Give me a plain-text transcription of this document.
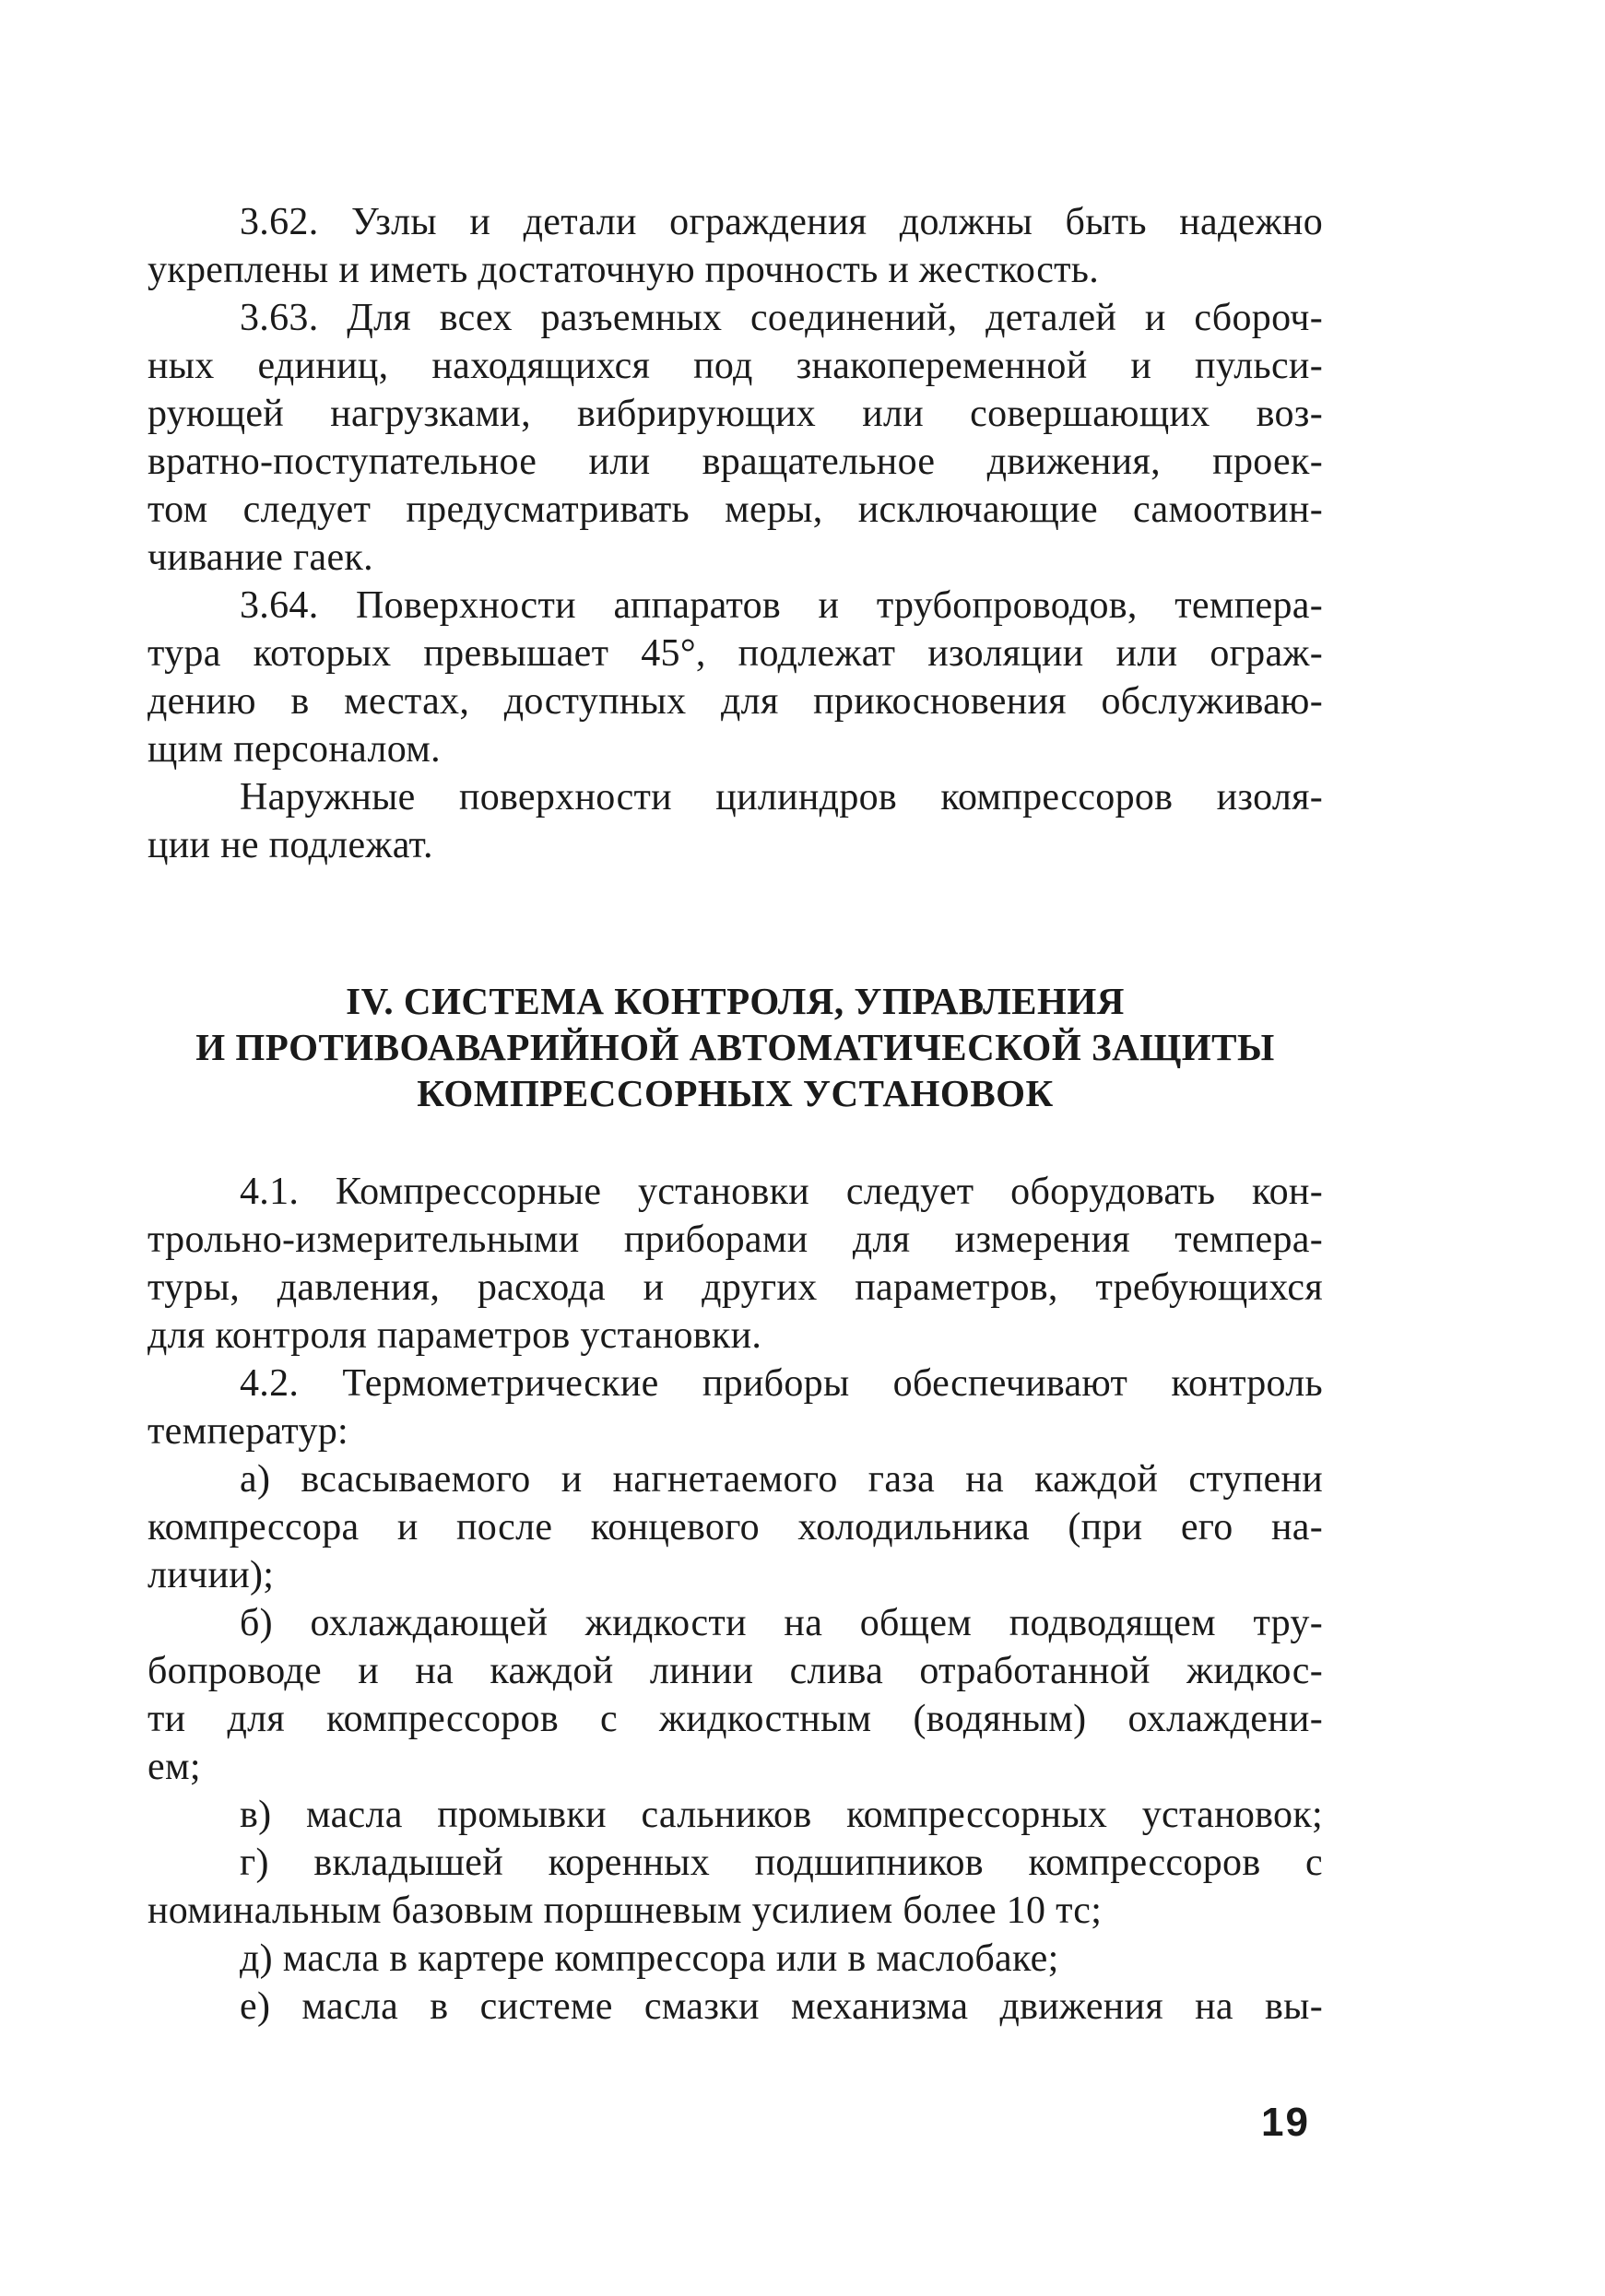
3.62. Узлы и детали ограждения должны быть надежно
укреплены и иметь достаточную прочность и жесткость.
3.63. Для всех разъемных соединений, деталей и сбороч-
ных единиц, находящихся под знакопеременной и пульси-
рующей нагрузками, вибрирующих или совершающих воз-
вратно-поступательное или вращательное движения, проек-
том следует предусматривать меры, исключающие самоотвин-
чивание гаек.
3.64. Поверхности аппаратов и трубопроводов, темпера-
тура которых превышает 45°, подлежат изоляции или ограж-
дению в местах, доступных для прикосновения обслуживаю-
щим персоналом.
Наружные поверхности цилиндров компрессоров изоля-
ции не подлежат.
IV. СИСТЕМА КОНТРОЛЯ, УПРАВЛЕНИЯ
И ПРОТИВОАВАРИЙНОЙ АВТОМАТИЧЕСКОЙ ЗАЩИТЫ
КОМПРЕССОРНЫХ УСТАНОВОК
4.1. Компрессорные установки следует оборудовать кон-
трольно-измерительными приборами для измерения темпера-
туры, давления, расхода и других параметров, требующихся
для контроля параметров установки.
4.2. Термометрические приборы обеспечивают контроль
температур:
а) всасываемого и нагнетаемого газа на каждой ступени
компрессора и после концевого холодильника (при его на-
личии);
б) охлаждающей жидкости на общем подводящем тру-
бопроводе и на каждой линии слива отработанной жидкос-
ти для компрессоров с жидкостным (водяным) охлаждени-
ем;
в) масла промывки сальников компрессорных установок;
г) вкладышей коренных подшипников компрессоров с
номинальным базовым поршневым усилием более 10 тс;
д) масла в картере компрессора или в маслобаке;
е) масла в системе смазки механизма движения на вы-
19
